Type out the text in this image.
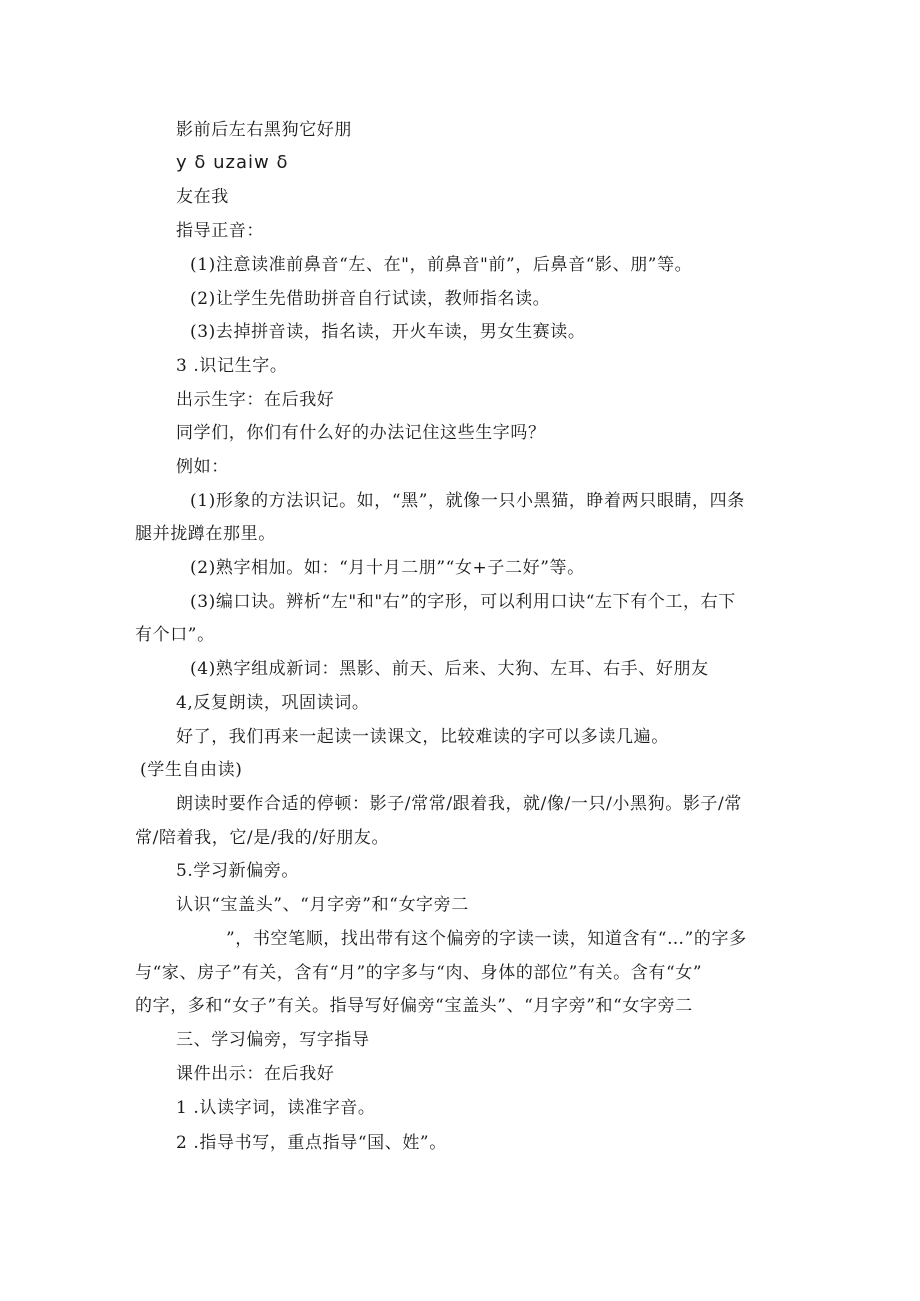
影前后左右黑狗它好朋
y δ uzaiw δ
友在我
指导正音：
(1)注意读准前鼻音“左、在"，前鼻音"前”，后鼻音“影、朋”等。
(2)让学生先借助拼音自行试读，教师指名读。
(3)去掉拼音读，指名读，开火车读，男女生赛读。
3 .识记生字。
出示生字：在后我好
同学们，你们有什么好的办法记住这些生字吗？
例如：
(1)形象的方法识记。如，“黑”，就像一只小黑猫，睁着两只眼睛，四条
腿并拢蹲在那里。
(2)熟字相加。如：“月十月二朋”“女+子二好”等。
(3)编口诀。辨析“左"和"右”的字形，可以利用口诀“左下有个工，右下
有个口”。
(4)熟字组成新词：黑影、前天、后来、大狗、左耳、右手、好朋友
4,反复朗读，巩固读词。
好了，我们再来一起读一读课文，比较难读的字可以多读几遍。
(学生自由读)
朗读时要作合适的停顿：影子/常常/跟着我，就/像/一只/小黑狗。影子/常
常/陪着我，它/是/我的/好朋友。
5.学习新偏旁。
认识“宝盖头”、“月字旁”和“女字旁二
”，书空笔顺，找出带有这个偏旁的字读一读，知道含有“…”的字多
与“家、房子”有关，含有“月”的字多与“肉、身体的部位”有关。含有“女”
的字，多和“女子”有关。指导写好偏旁“宝盖头”、“月字旁”和“女字旁二
三、学习偏旁，写字指导
课件出示：在后我好
1 .认读字词，读准字音。
2 .指导书写，重点指导“国、姓”。
